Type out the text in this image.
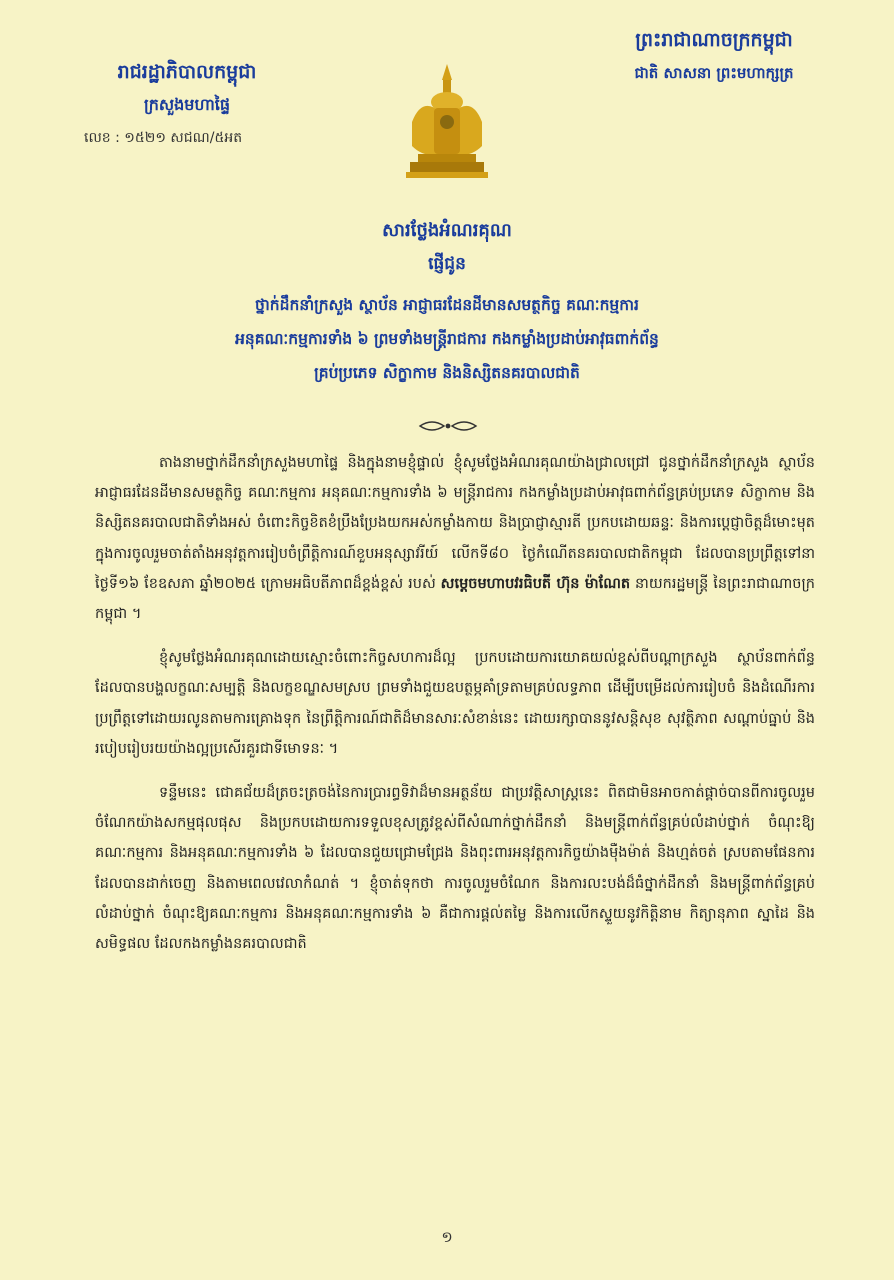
រាជរដ្ឋាភិបាលកម្ពុជា
ក្រសួងមហាផ្ទៃ
លេខ : ១៥២១ សជណ/៥អត
ព្រះរាជាណាចក្រកម្ពុជា
ជាតិ សាសនា ព្រះមហាក្សត្រ
សារថ្លែងអំណរគុណ
ផ្ញើជូន
ថ្នាក់ដឹកនាំក្រសួង ស្ថាប័ន អាជ្ញាធរដែនដីមានសមត្ថកិច្ច គណៈកម្មការ
អនុគណៈកម្មការទាំង ៦ ព្រមទាំងមន្ត្រីរាជការ កងកម្លាំងប្រដាប់អាវុធពាក់ព័ន្ធ
គ្រប់ប្រភេទ សិក្ខាកាម និងនិស្សិតនគរបាលជាតិ

តាងនាមថ្នាក់ដឹកនាំក្រសួងមហាផ្ទៃ និងក្នុងនាមខ្ញុំផ្ទាល់ ខ្ញុំសូមថ្លែងអំណរគុណយ៉ាងជ្រាលជ្រៅ ជូនថ្នាក់ដឹកនាំក្រសួង ស្ថាប័ន អាជ្ញាធរដែនដីមានសមត្ថកិច្ច គណៈកម្មការ អនុគណៈកម្មការទាំង ៦ មន្ត្រីរាជការ កងកម្លាំងប្រដាប់អាវុធពាក់ព័ន្ធគ្រប់ប្រភេទ សិក្ខាកាម និងនិស្សិតនគរបាលជាតិទាំងអស់ ចំពោះកិច្ចខិតខំប្រឹងប្រែងយកអស់កម្លាំងកាយ និងប្រាជ្ញាស្មារតី ប្រកបដោយឆន្ទៈ និងការប្តេជ្ញាចិត្តដ៏មោះមុត ក្នុងការចូលរួមចាត់តាំងអនុវត្តការរៀបចំព្រឹត្តិការណ៍ខួបអនុស្សាវរីយ៍ លើកទី៨០ ថ្ងៃកំណើតនគរបាលជាតិកម្ពុជា ដែលបានប្រព្រឹត្តទៅនាថ្ងៃទី១៦ ខែឧសភា ឆ្នាំ២០២៥ ក្រោមអធិបតីភាពដ៏ខ្ពង់ខ្ពស់ របស់ សម្តេចមហាបវរធិបតី ហ៊ុន ម៉ាណែត នាយករដ្ឋមន្ត្រី នៃព្រះរាជាណាចក្រកម្ពុជា ។

ខ្ញុំសូមថ្លែងអំណរគុណដោយស្មោះចំពោះកិច្ចសហការដ៏ល្អ ប្រកបដោយការយោគយល់ខ្ពស់ពីបណ្តាក្រសួង ស្ថាប័នពាក់ព័ន្ធ ដែលបានបង្ហលក្ខណៈសម្បត្តិ និងលក្ខខណ្ឌសមស្រប ព្រមទាំងជួយឧបត្ថម្ភគាំទ្រតាមគ្រប់លទ្ធភាព ដើម្បីបម្រើដល់ការរៀបចំ និងដំណើរការប្រព្រឹត្តទៅដោយរលូនតាមការគ្រោងទុក នៃព្រឹត្តិការណ៍ជាតិដ៏មានសារៈសំខាន់នេះ ដោយរក្សាបាននូវសន្តិសុខ សុវត្ថិភាព សណ្តាប់ធ្នាប់ និងរបៀបរៀបរយយ៉ាងល្អប្រសើរគួរជាទីមោទនៈ ។

ទន្ទឹមនេះ ជោគជ័យដ៏ត្រចះត្រចង់នៃការប្រារព្ធទិវាដ៏មានអត្ថន័យ ជាប្រវត្តិសាស្ត្រនេះ ពិតជាមិនអាចកាត់ផ្តាច់បានពីការចូលរួមចំណែកយ៉ាងសកម្មផុលផុស និងប្រកបដោយការទទួលខុសត្រូវខ្ពស់ពីសំណាក់ថ្នាក់ដឹកនាំ និងមន្ត្រីពាក់ព័ន្ធគ្រប់លំដាប់ថ្នាក់ ចំណុះឱ្យគណៈកម្មការ និងអនុគណៈកម្មការទាំង ៦ ដែលបានជួយជ្រោមជ្រែង និងពុះពារអនុវត្តការកិច្ចយ៉ាងម៉ឺងម៉ាត់ និងហ្មត់ចត់ ស្របតាមផែនការដែលបានដាក់ចេញ និងតាមពេលវេលាកំណត់ ។ ខ្ញុំចាត់ទុកថា ការចូលរួមចំណែក និងការលះបង់ដ៏ធំថ្នាក់ដឹកនាំ និងមន្ត្រីពាក់ព័ន្ធគ្រប់លំដាប់ថ្នាក់ ចំណុះឱ្យគណៈកម្មការ និងអនុគណៈកម្មការទាំង ៦ គឺជាការផ្តល់តម្លៃ និងការលើកស្ទួយនូវកិត្តិនាម កិត្យានុភាព ស្នាដៃ និងសមិទ្ធផល ដែលកងកម្លាំងនគរបាលជាតិ

១
